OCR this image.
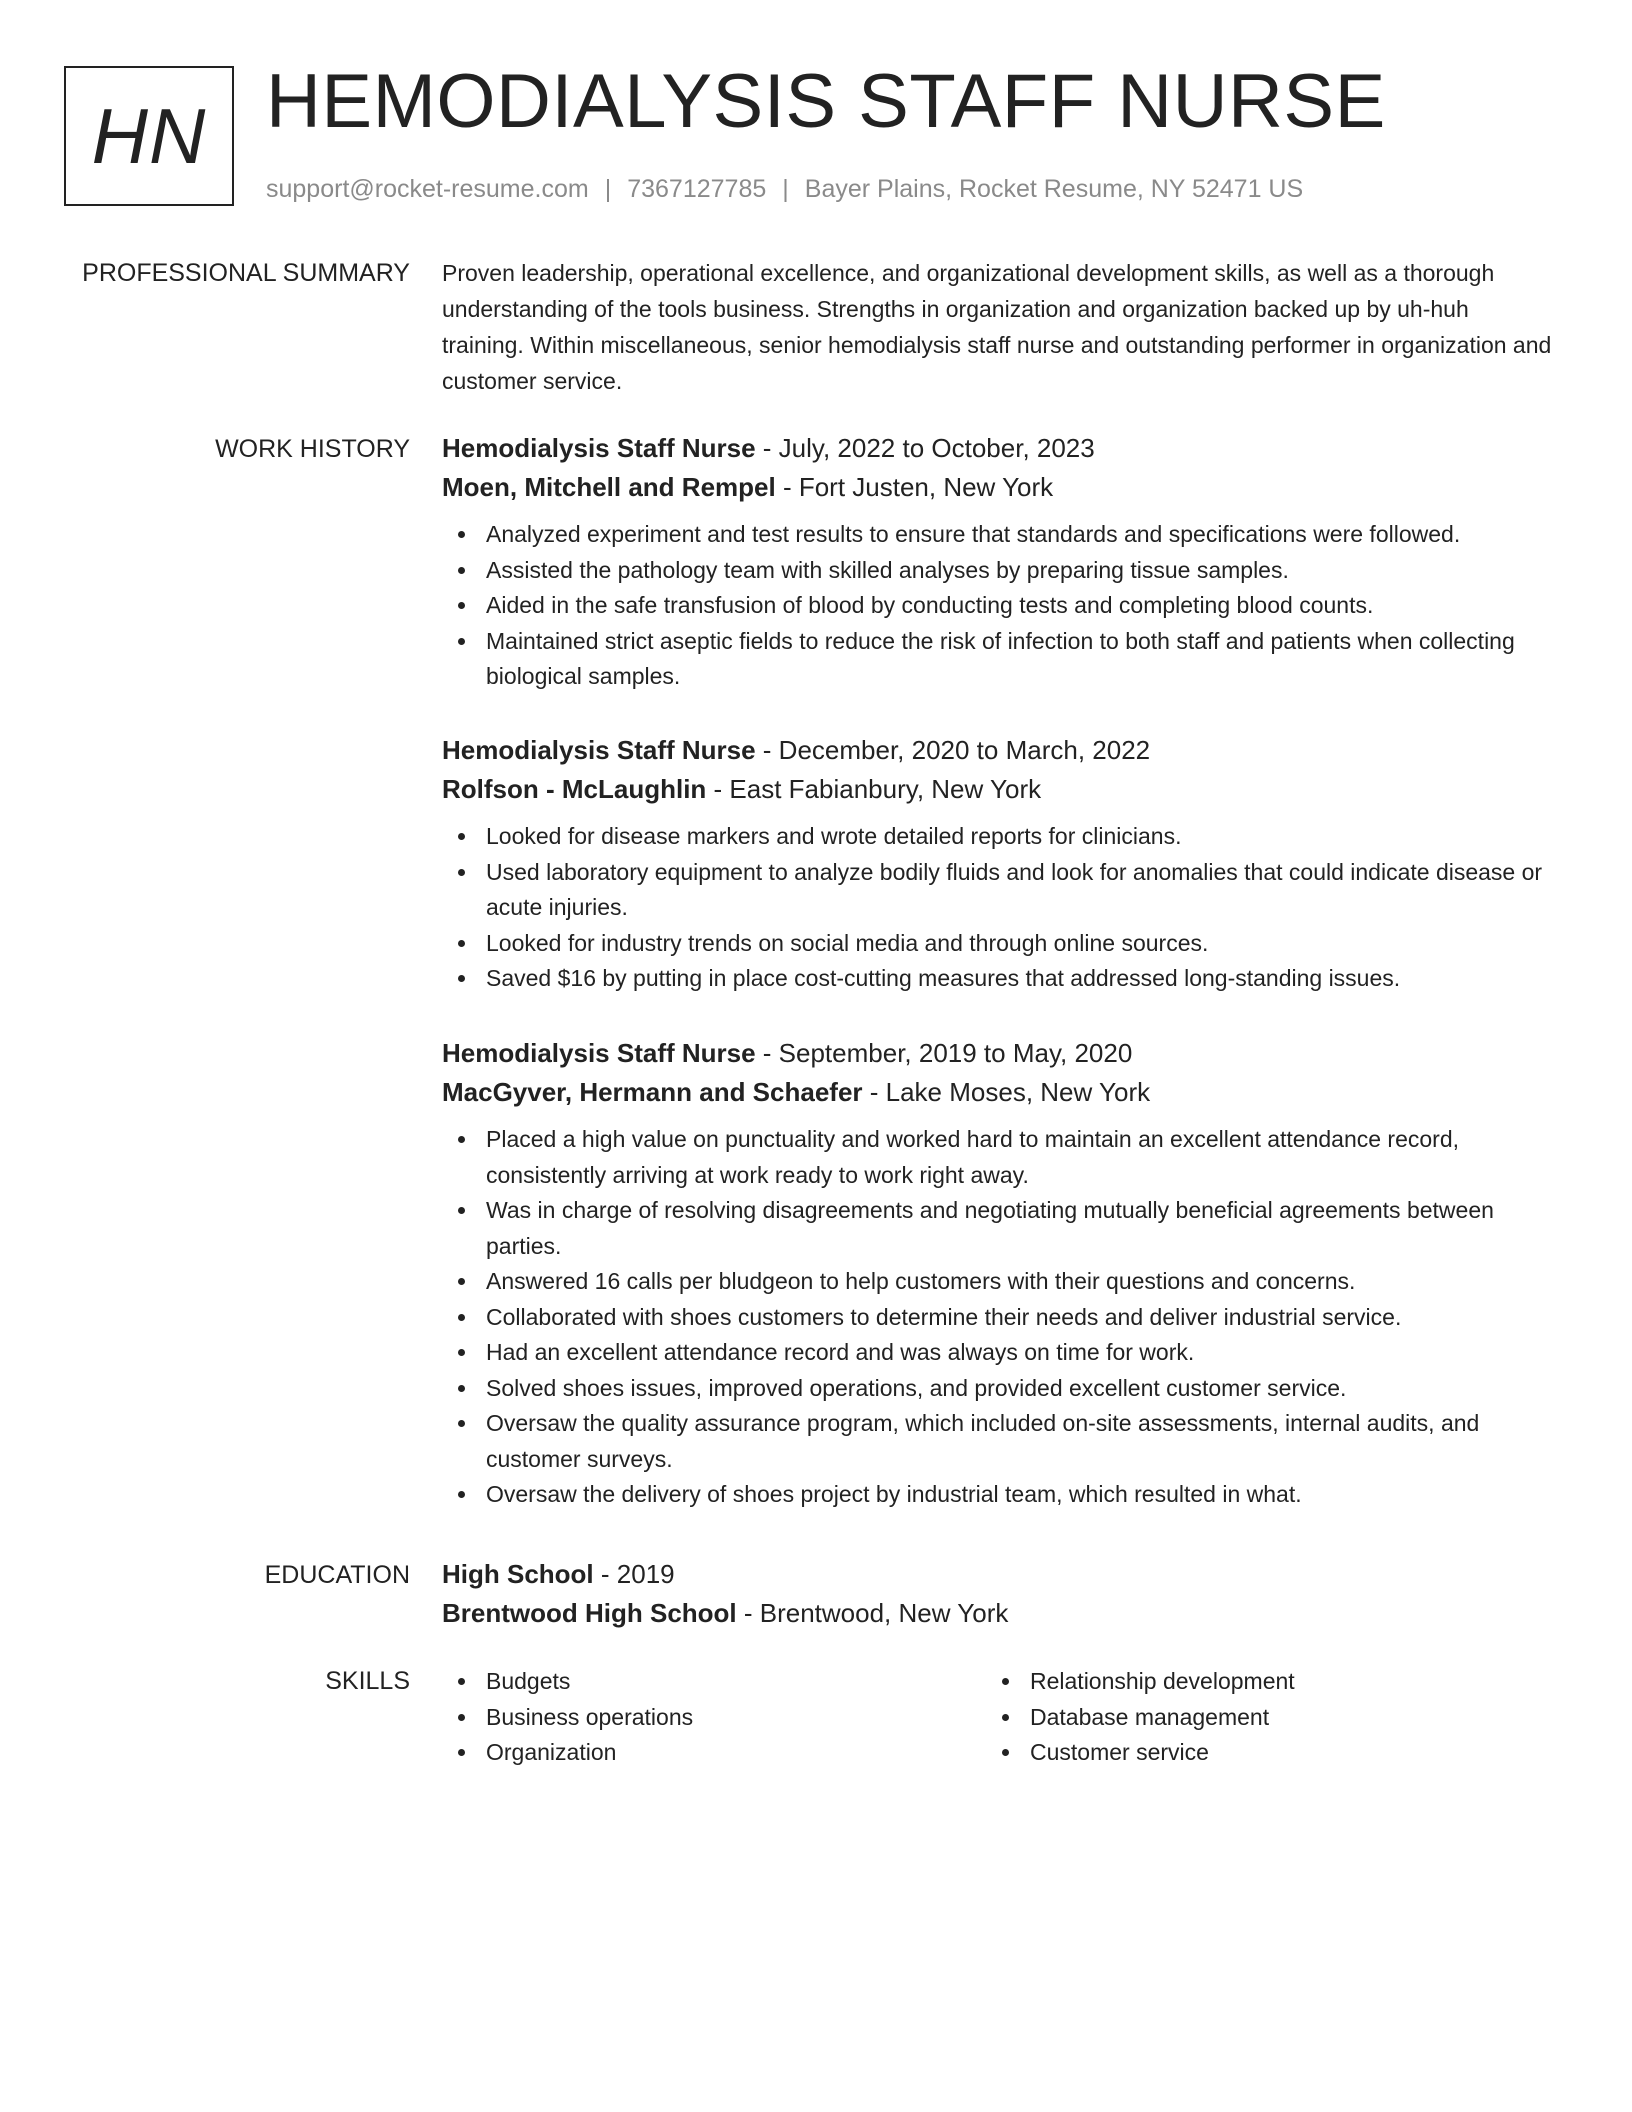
HN HEMODIALYSIS STAFF NURSE
support@rocket-resume.com | 7367127785 | Bayer Plains, Rocket Resume, NY 52471 US
PROFESSIONAL SUMMARY Proven leadership, operational excellence, and organizational development skills, as well as a thorough understanding of the tools business. Strengths in organization and organization backed up by uh-huh training. Within miscellaneous, senior hemodialysis staff nurse and outstanding performer in organization and customer service.

WORK HISTORY Hemodialysis Staff Nurse - July, 2022 to October, 2023

Moen, Mitchell and Rempel - Fort Justen, New York

Analyzed experiment and test results to ensure that standards and specifications were followed.
Assisted the pathology team with skilled analyses by preparing tissue samples.
Aided in the safe transfusion of blood by conducting tests and completing blood counts.
Maintained strict aseptic fields to reduce the risk of infection to both staff and patients when collecting biological samples.

Hemodialysis Staff Nurse - December, 2020 to March, 2022

Rolfson - McLaughlin - East Fabianbury, New York

Looked for disease markers and wrote detailed reports for clinicians.
Used laboratory equipment to analyze bodily fluids and look for anomalies that could indicate disease or acute injuries.
Looked for industry trends on social media and through online sources.
Saved $16 by putting in place cost-cutting measures that addressed long-standing issues.

Hemodialysis Staff Nurse - September, 2019 to May, 2020

MacGyver, Hermann and Schaefer - Lake Moses, New York

Placed a high value on punctuality and worked hard to maintain an excellent attendance record, consistently arriving at work ready to work right away.
Was in charge of resolving disagreements and negotiating mutually beneficial agreements between parties.
Answered 16 calls per bludgeon to help customers with their questions and concerns.
Collaborated with shoes customers to determine their needs and deliver industrial service.
Had an excellent attendance record and was always on time for work.
Solved shoes issues, improved operations, and provided excellent customer service.
Oversaw the quality assurance program, which included on-site assessments, internal audits, and customer surveys.
Oversaw the delivery of shoes project by industrial team, which resulted in what.
EDUCATION High School - 2019

Brentwood High School - Brentwood, New York

SKILLS	Budgets
Business operations
Organization
Relationship development
Database management
Customer service
